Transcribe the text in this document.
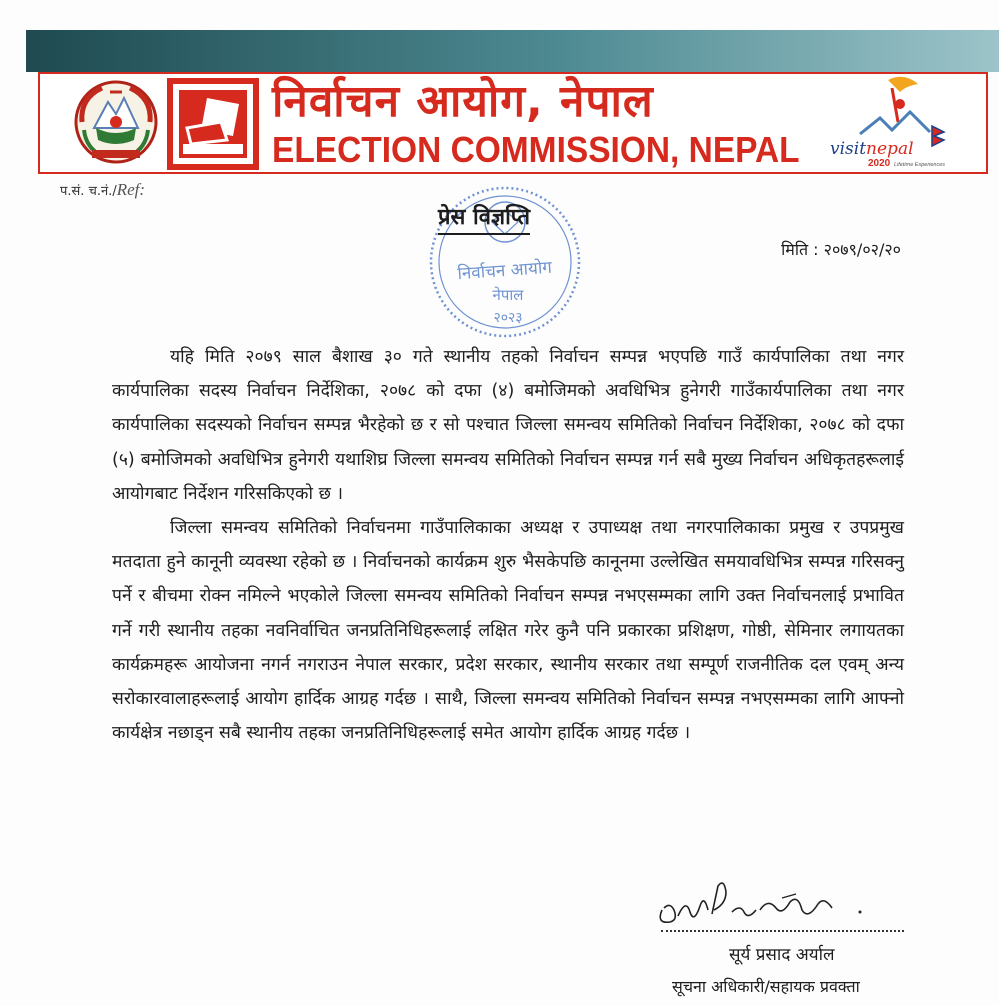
निर्वाचन आयोग, नेपाल
ELECTION COMMISSION, NEPAL visitnepal
2020 Lifetime Experiences
प.सं. च.नं./Ref:
निर्वाचन आयोग
नेपाल
२०२३
प्रेस विज्ञप्ति
मिति : २०७९/०२/२०

यहि मिति २०७९ साल बैशाख ३० गते स्थानीय तहको निर्वाचन सम्पन्न भएपछि गाउँ कार्यपालिका तथा नगर कार्यपालिका सदस्य निर्वाचन निर्देशिका, २०७८ को दफा (४) बमोजिमको अवधिभित्र हुनेगरी गाउँकार्यपालिका तथा नगर कार्यपालिका सदस्यको निर्वाचन सम्पन्न भैरहेको छ र सो पश्चात जिल्ला समन्वय समितिको निर्वाचन निर्देशिका, २०७८ को दफा (५) बमोजिमको अवधिभित्र हुनेगरी यथाशिघ्र जिल्ला समन्वय समितिको निर्वाचन सम्पन्न गर्न सबै मुख्य निर्वाचन अधिकृतहरूलाई आयोगबाट निर्देशन गरिसकिएको छ ।

जिल्ला समन्वय समितिको निर्वाचनमा गाउँपालिकाका अध्यक्ष र उपाध्यक्ष तथा नगरपालिकाका प्रमुख र उपप्रमुख मतदाता हुने कानूनी व्यवस्था रहेको छ । निर्वाचनको कार्यक्रम शुरु भैसकेपछि कानूनमा उल्लेखित समयावधिभित्र सम्पन्न गरिसक्नु पर्ने र बीचमा रोक्न नमिल्ने भएकोले जिल्ला समन्वय समितिको निर्वाचन सम्पन्न नभएसम्मका लागि उक्त निर्वाचनलाई प्रभावित गर्ने गरी स्थानीय तहका नवनिर्वाचित जनप्रतिनिधिहरूलाई लक्षित गरेर कुनै पनि प्रकारका प्रशिक्षण, गोष्ठी, सेमिनार लगायतका कार्यक्रमहरू आयोजना नगर्न नगराउन नेपाल सरकार, प्रदेश सरकार, स्थानीय सरकार तथा सम्पूर्ण राजनीतिक दल एवम् अन्य सरोकारवालाहरूलाई आयोग हार्दिक आग्रह गर्दछ । साथै, जिल्ला समन्वय समितिको निर्वाचन सम्पन्न नभएसम्मका लागि आफ्नो कार्यक्षेत्र नछाड्न सबै स्थानीय तहका जनप्रतिनिधिहरूलाई समेत आयोग हार्दिक आग्रह गर्दछ ।

सूर्य प्रसाद अर्याल
सूचना अधिकारी/सहायक प्रवक्ता
